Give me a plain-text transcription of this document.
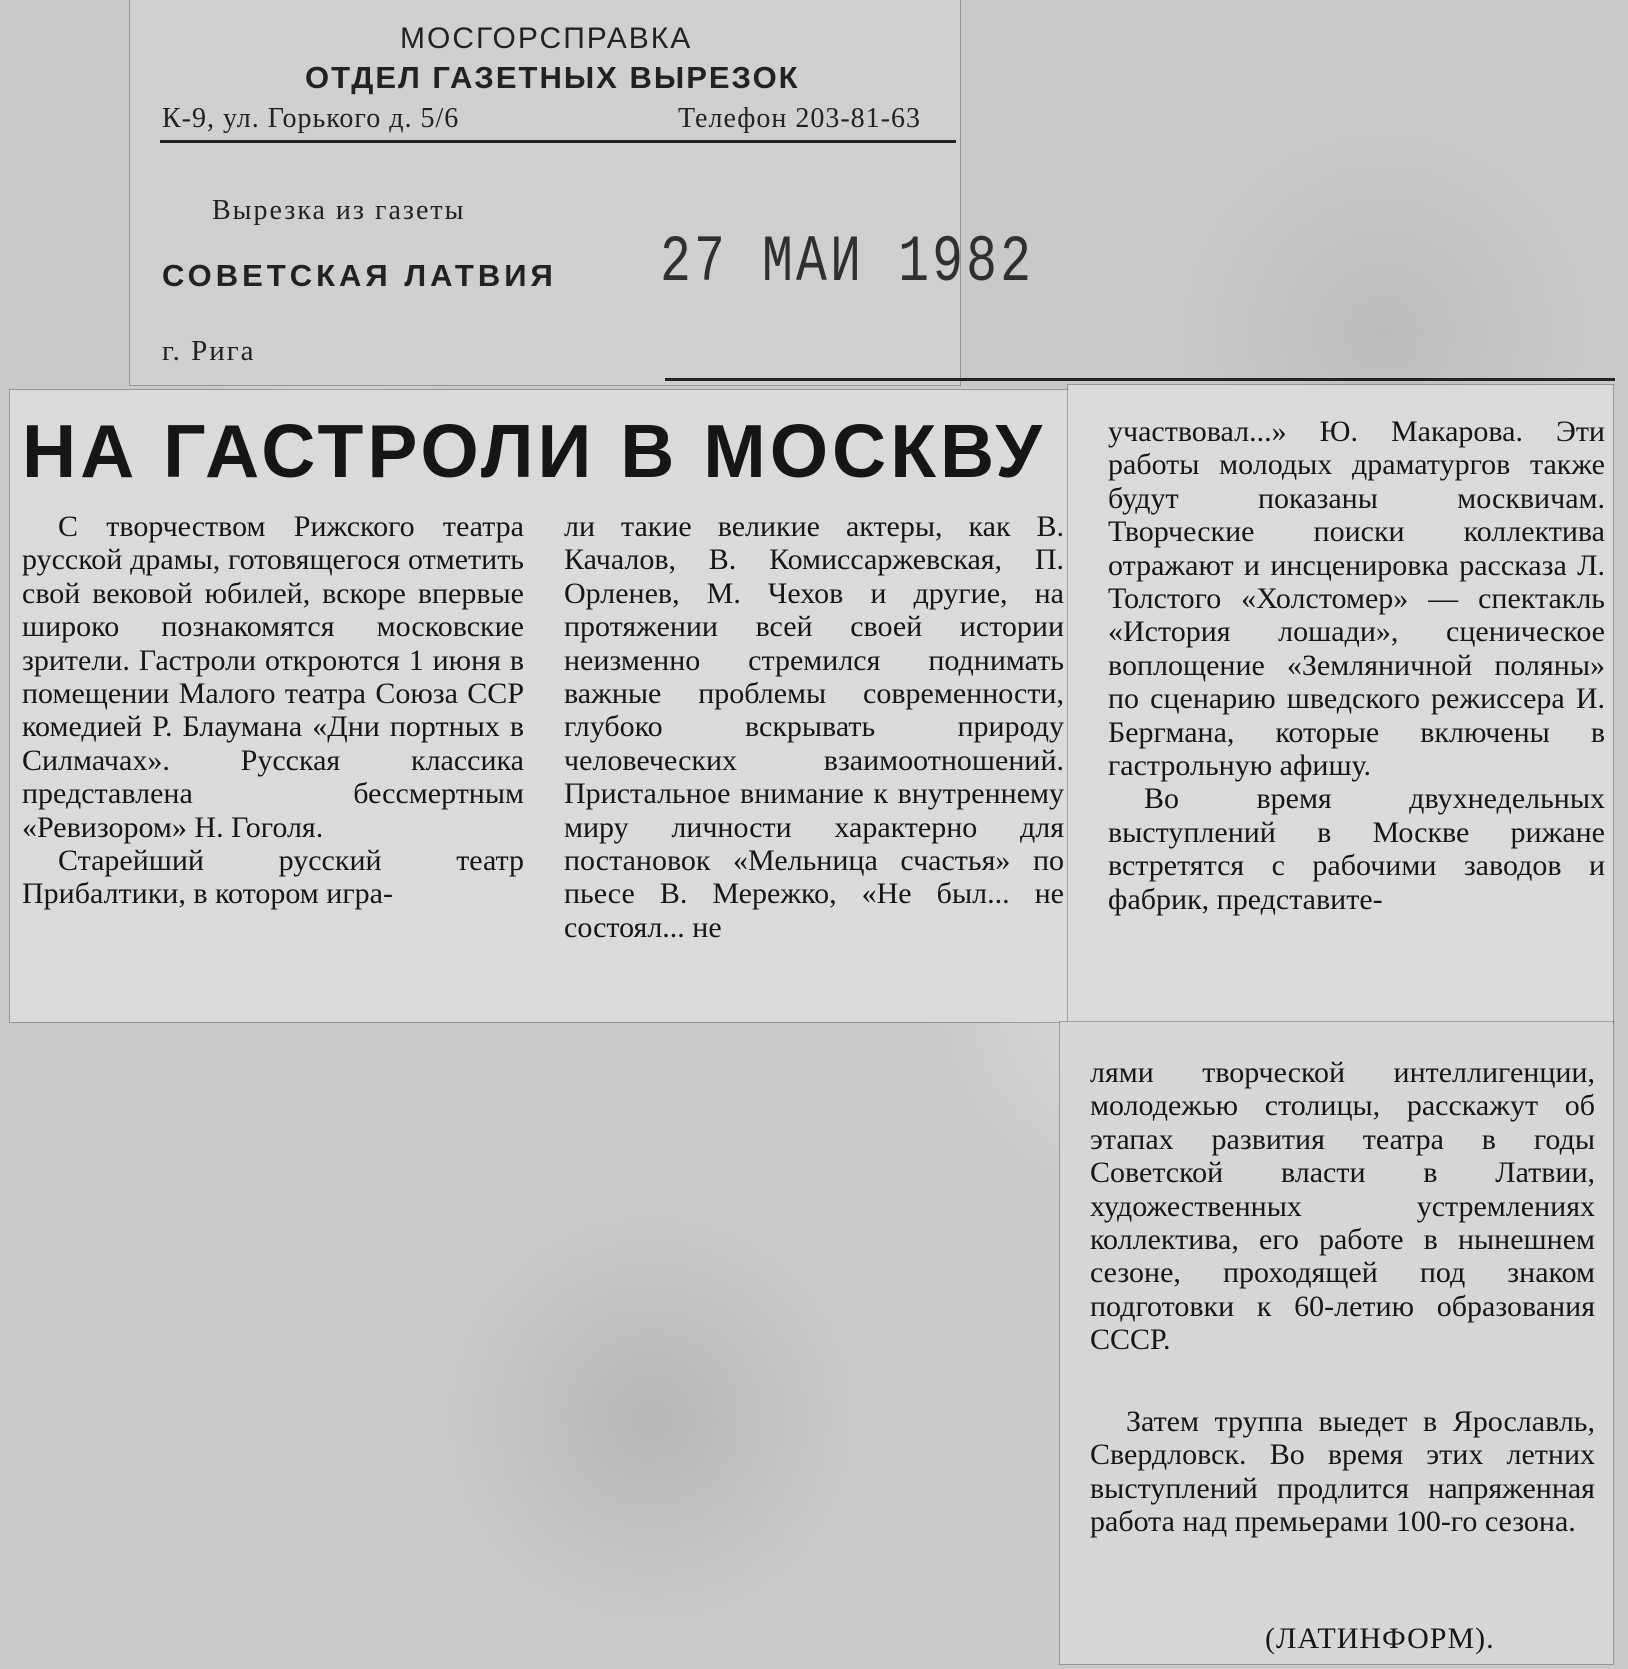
МОСГОРСПРАВКА
ОТДЕЛ ГАЗЕТНЫХ ВЫРЕЗОК
К-9, ул. Горького д. 5/6	Телефон 203-81-63
Вырезка из газеты
СОВЕТСКАЯ ЛАТВИЯ
г. Рига
27 МАИ 1982
НА ГАСТРОЛИ В МОСКВУ

С творчеством Рижского театра русской драмы, готовящегося отметить свой вековой юбилей, вскоре впервые широко познакомятся московские зрители. Гастроли откроются 1 июня в помещении Малого театра Союза ССР комедией Р. Блаумана «Дни портных в Силмачах». Русская классика представлена бессмертным «Ревизором» Н. Гоголя.

Старейший русский театр Прибалтики, в котором игра-

ли такие великие актеры, как В. Качалов, В. Комиссаржевская, П. Орленев, М. Чехов и другие, на протяжении всей своей истории неизменно стремился поднимать важные проблемы современности, глубоко вскрывать природу человеческих взаимоотношений. Пристальное внимание к внутреннему миру личности характерно для постановок «Мельница счастья» по пьесе В. Мережко, «Не был... не состоял... не

участвовал...» Ю. Макарова. Эти работы молодых драматургов также будут показаны москвичам. Творческие поиски коллектива отражают и инсценировка рассказа Л. Толстого «Холстомер» — спектакль «История лошади», сценическое воплощение «Земляничной поляны» по сценарию шведского режиссера И. Бергмана, которые включены в гастрольную афишу.

Во время двухнедельных выступлений в Москве рижане встретятся с рабочими заводов и фабрик, представите-

лями творческой интеллигенции, молодежью столицы, расскажут об этапах развития театра в годы Советской власти в Латвии, художественных устремлениях коллектива, его работе в нынешнем сезоне, проходящей под знаком подготовки к 60-летию образования СССР.

Затем труппа выедет в Ярославль, Свердловск. Во время этих летних выступлений продлится напряженная работа над премьерами 100-го сезона.

(ЛАТИНФОРМ).
